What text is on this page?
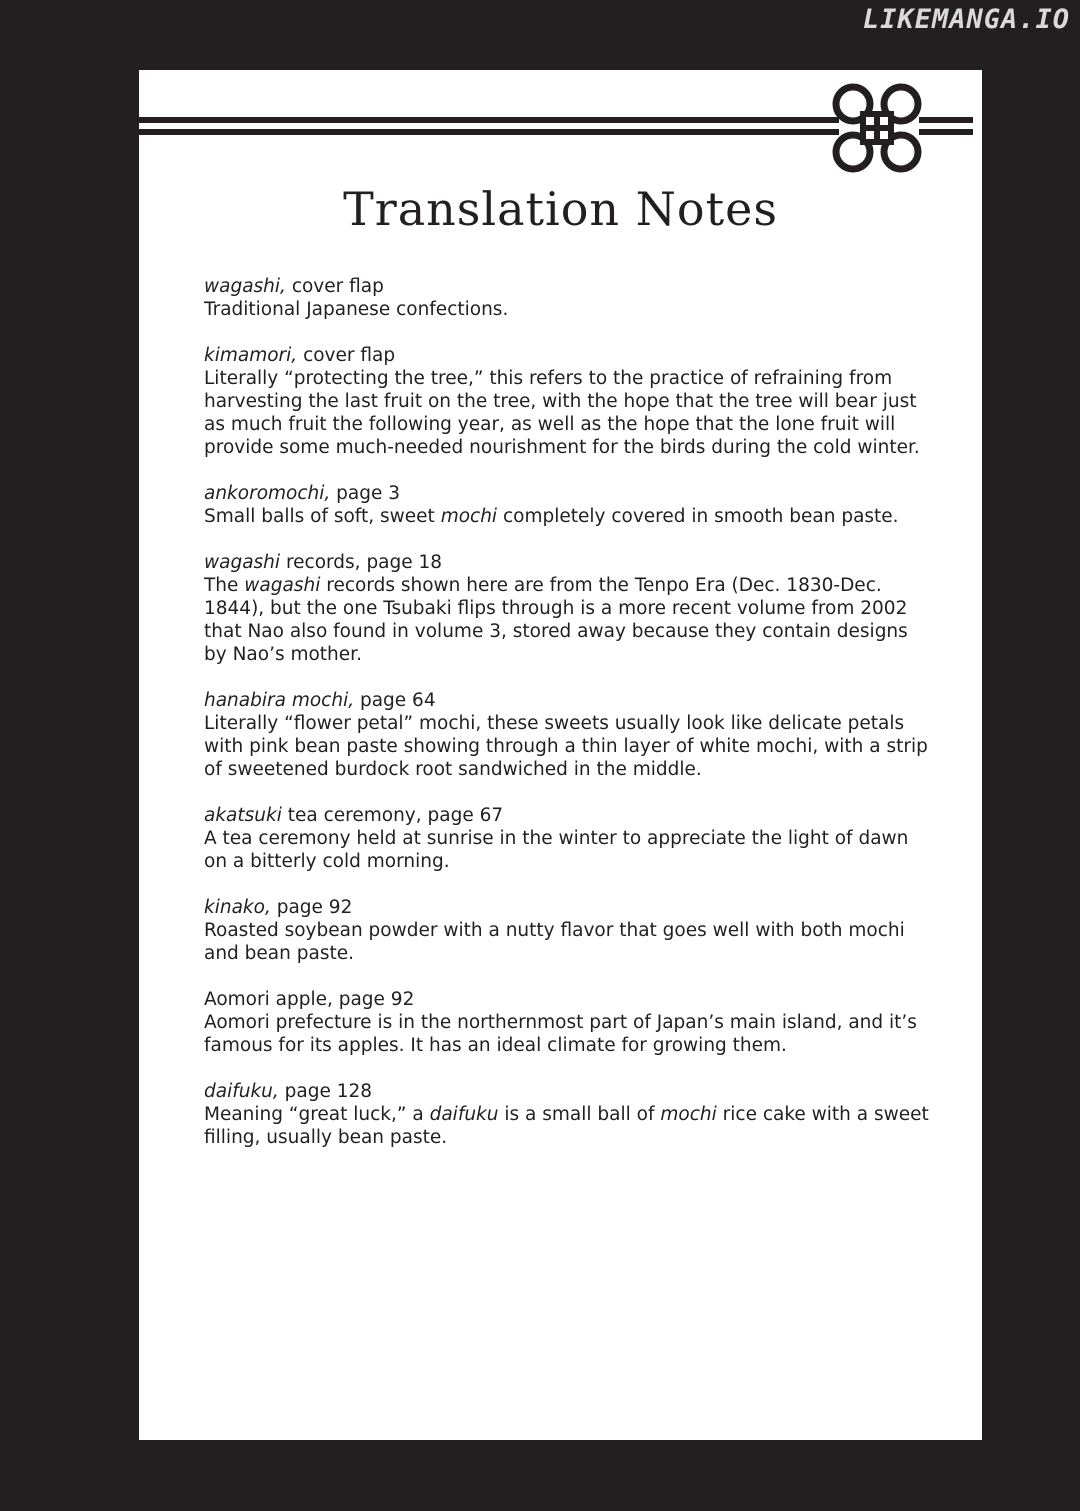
LIKEMANGA.IO
Translation Notes
wagashi, cover flap
Traditional Japanese confections.
kimamori, cover flap
Literally “protecting the tree,” this refers to the practice of refraining from harvesting the last fruit on the tree, with the hope that the tree will bear just as much fruit the following year, as well as the hope that the lone fruit will provide some much-needed nourishment for the birds during the cold winter.
ankoromochi, page 3
Small balls of soft, sweet mochi completely covered in smooth bean paste.
wagashi records, page 18
The wagashi records shown here are from the Tenpo Era (Dec. 1830-Dec. 1844), but the one Tsubaki flips through is a more recent volume from 2002 that Nao also found in volume 3, stored away because they contain designs by Nao’s mother.
hanabira mochi, page 64
Literally “flower petal” mochi, these sweets usually look like delicate petals with pink bean paste showing through a thin layer of white mochi, with a strip of sweetened burdock root sandwiched in the middle.
akatsuki tea ceremony, page 67
A tea ceremony held at sunrise in the winter to appreciate the light of dawn on a bitterly cold morning.
kinako, page 92
Roasted soybean powder with a nutty flavor that goes well with both mochi and bean paste.
Aomori apple, page 92
Aomori prefecture is in the northernmost part of Japan’s main island, and it’s famous for its apples. It has an ideal climate for growing them.
daifuku, page 128
Meaning “great luck,” a daifuku is a small ball of mochi rice cake with a sweet filling, usually bean paste.
